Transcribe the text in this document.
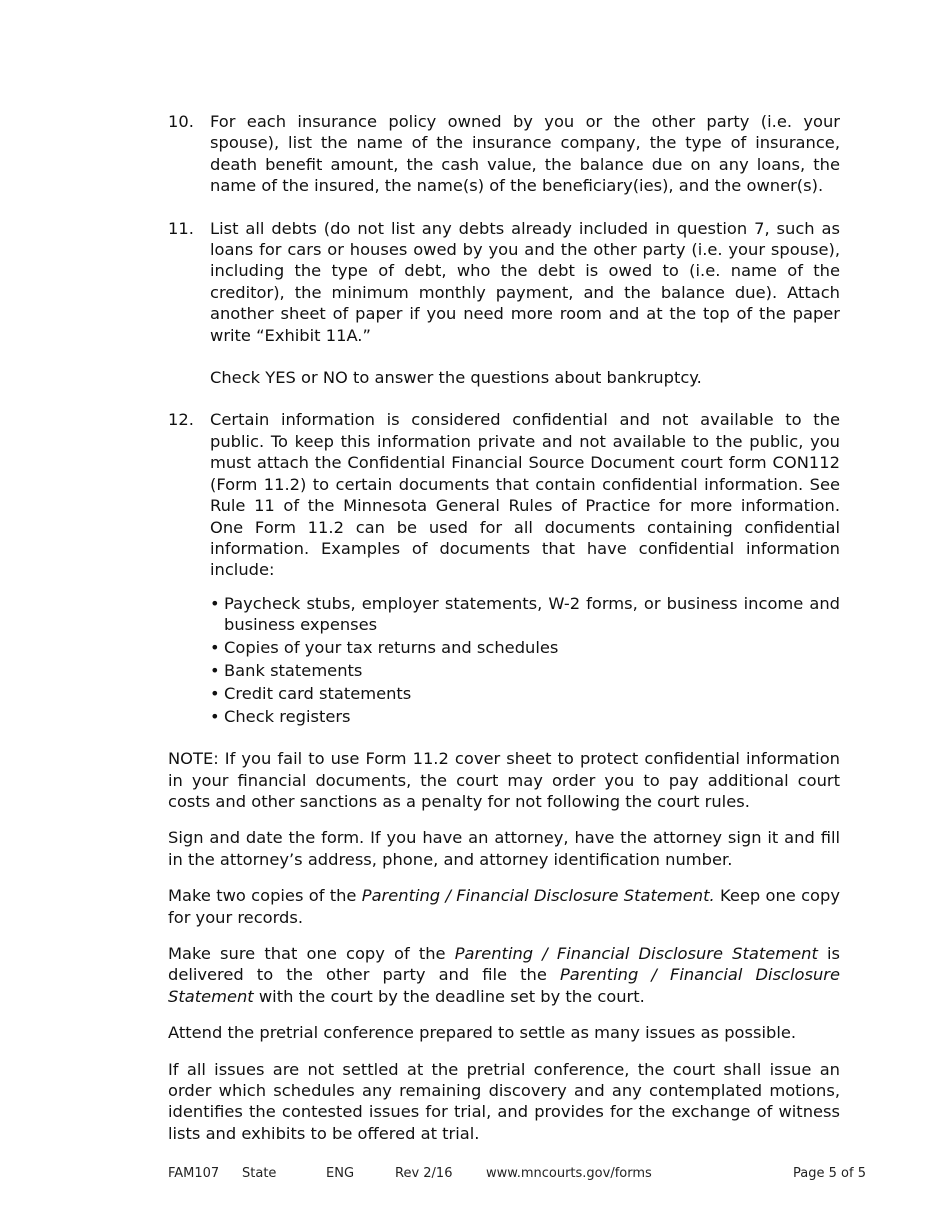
10. For each insurance policy owned by you or the other party (i.e. your spouse), list the name of the insurance company, the type of insurance, death benefit amount, the cash value, the balance due on any loans, the name of the insured, the name(s) of the beneficiary(ies), and the owner(s).

11. List all debts (do not list any debts already included in question 7, such as loans for cars or houses owed by you and the other party (i.e. your spouse), including the type of debt, who the debt is owed to (i.e. name of the creditor), the minimum monthly payment, and the balance due). Attach another sheet of paper if you need more room and at the top of the paper write “Exhibit 11A.”

Check YES or NO to answer the questions about bankruptcy.

12. Certain information is considered confidential and not available to the public. To keep this information private and not available to the public, you must attach the Confidential Financial Source Document court form CON112 (Form 11.2) to certain documents that contain confidential information. See Rule 11 of the Minnesota General Rules of Practice for more information. One Form 11.2 can be used for all documents containing confidential information. Examples of documents that have confidential information include:

• Paycheck stubs, employer statements, W-2 forms, or business income and business expenses
• Copies of your tax returns and schedules
• Bank statements
• Credit card statements
• Check registers

NOTE: If you fail to use Form 11.2 cover sheet to protect confidential information in your financial documents, the court may order you to pay additional court costs and other sanctions as a penalty for not following the court rules.

Sign and date the form. If you have an attorney, have the attorney sign it and fill in the attorney’s address, phone, and attorney identification number.

Make two copies of the Parenting / Financial Disclosure Statement. Keep one copy for your records.

Make sure that one copy of the Parenting / Financial Disclosure Statement is delivered to the other party and file the Parenting / Financial Disclosure Statement with the court by the deadline set by the court.

Attend the pretrial conference prepared to settle as many issues as possible.

If all issues are not settled at the pretrial conference, the court shall issue an order which schedules any remaining discovery and any contemplated motions, identifies the contested issues for trial, and provides for the exchange of witness lists and exhibits to be offered at trial.

FAM107 State	ENG	Rev 2/16	www.mncourts.gov/forms	Page 5 of 5
